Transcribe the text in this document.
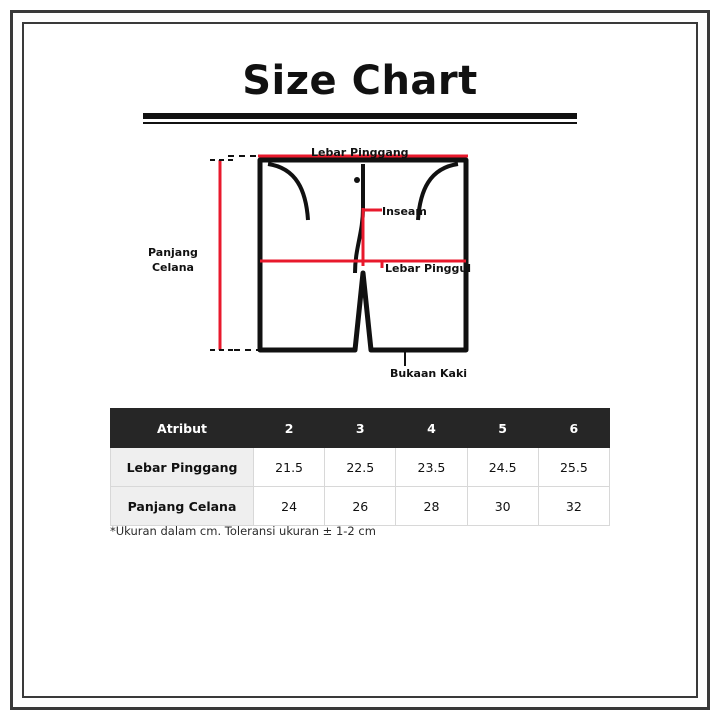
Size Chart
Lebar Pinggang
Inseam
Lebar Pinggul
Bukaan Kaki
Panjang
Celana
Atribut	2	3	4	5	6
Lebar Pinggang	21.5	22.5	23.5	24.5	25.5
Panjang Celana	24	26	28	30	32
*Ukuran dalam cm. Toleransi ukuran ± 1-2 cm
